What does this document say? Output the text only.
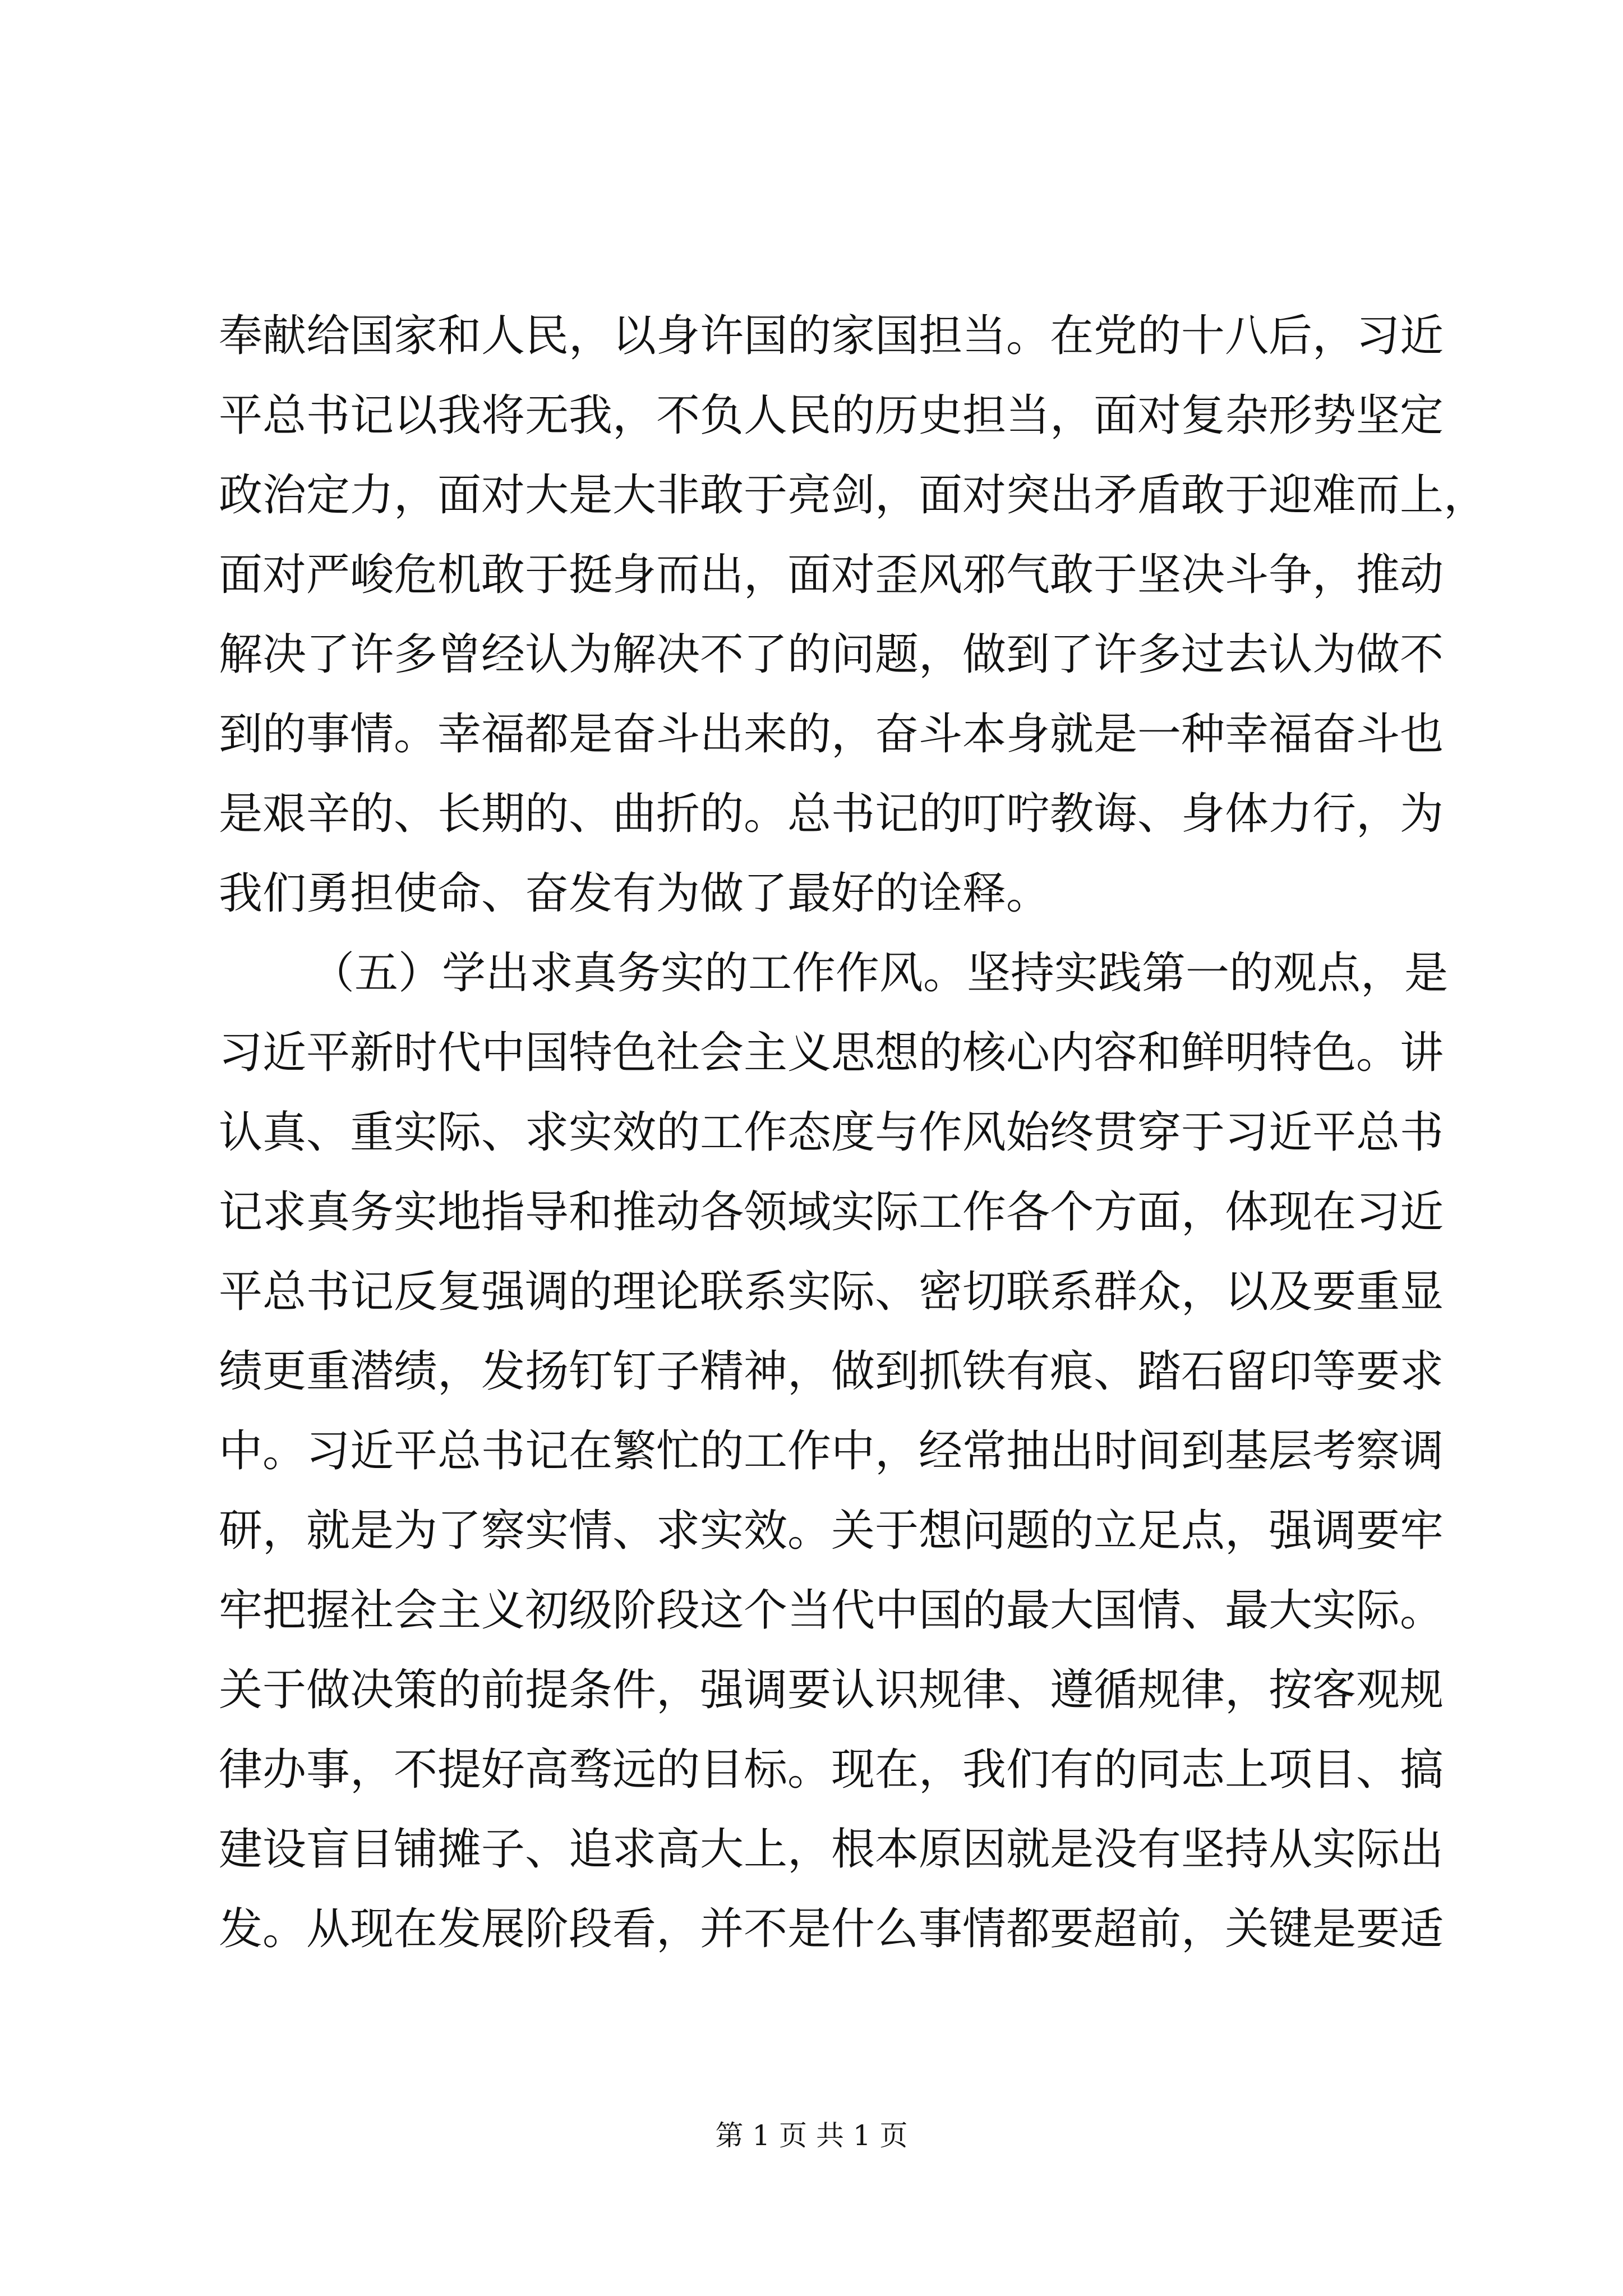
奉献给国家和人民，以身许国的家国担当。在党的十八后，习近
平总书记以我将无我，不负人民的历史担当，面对复杂形势坚定
政治定力，面对大是大非敢于亮剑，面对突出矛盾敢于迎难而上，
面对严峻危机敢于挺身而出，面对歪风邪气敢于坚决斗争，推动
解决了许多曾经认为解决不了的问题，做到了许多过去认为做不
到的事情。幸福都是奋斗出来的，奋斗本身就是一种幸福奋斗也
是艰辛的、长期的、曲折的。总书记的叮咛教诲、身体力行，为
我们勇担使命、奋发有为做了最好的诠释。
（五）学出求真务实的工作作风。坚持实践第一的观点，是
习近平新时代中国特色社会主义思想的核心内容和鲜明特色。讲
认真、重实际、求实效的工作态度与作风始终贯穿于习近平总书
记求真务实地指导和推动各领域实际工作各个方面，体现在习近
平总书记反复强调的理论联系实际、密切联系群众，以及要重显
绩更重潜绩，发扬钉钉子精神，做到抓铁有痕、踏石留印等要求
中。习近平总书记在繁忙的工作中，经常抽出时间到基层考察调
研，就是为了察实情、求实效。关于想问题的立足点，强调要牢
牢把握社会主义初级阶段这个当代中国的最大国情、最大实际。
关于做决策的前提条件，强调要认识规律、遵循规律，按客观规
律办事，不提好高骛远的目标。现在，我们有的同志上项目、搞
建设盲目铺摊子、追求高大上，根本原因就是没有坚持从实际出
发。从现在发展阶段看，并不是什么事情都要超前，关键是要适
第 1 页 共 1 页
